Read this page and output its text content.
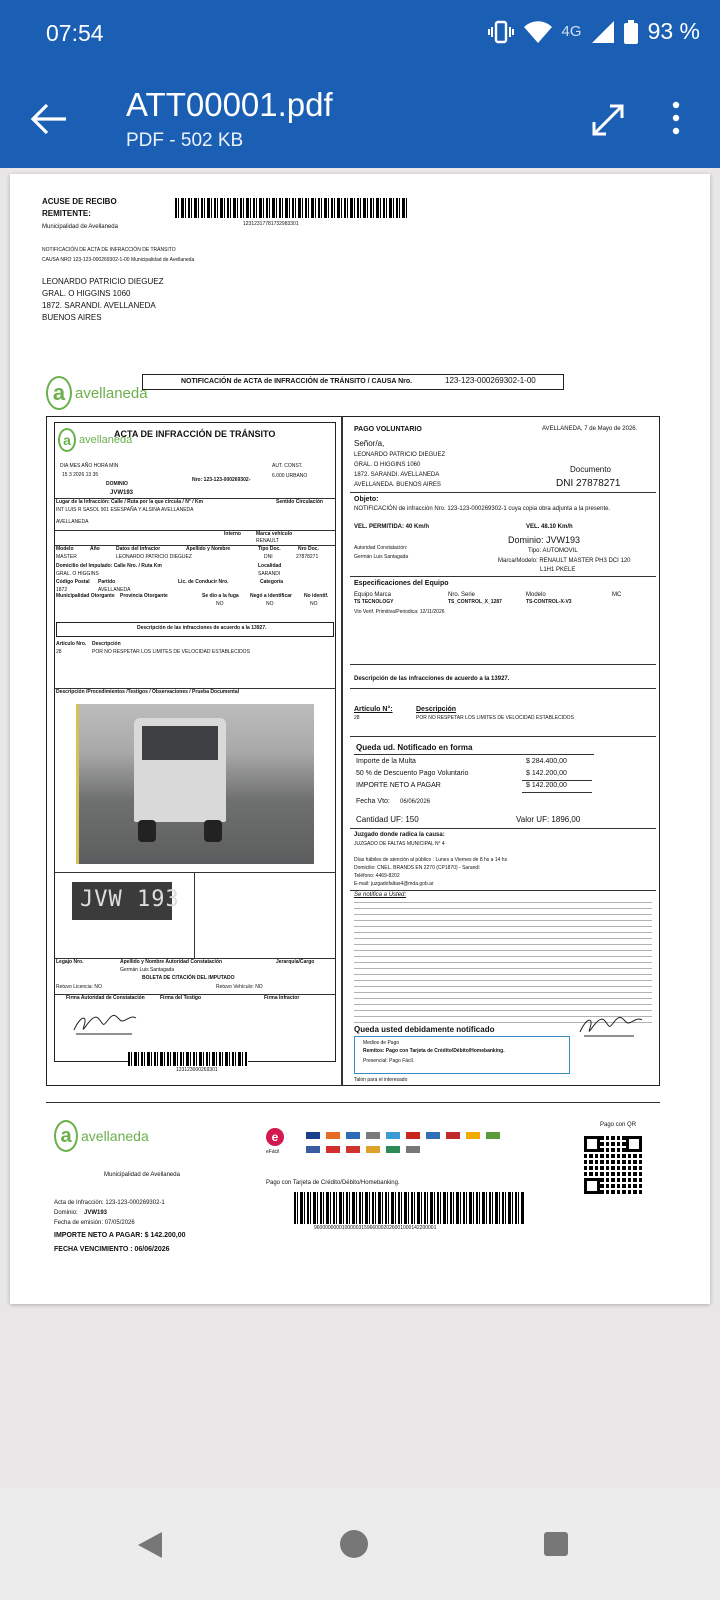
07:54	4G	93 %
ATT00001.pdf
PDF - 502 KB
ACUSE DE RECIBO
REMITENTE:
Municipalidad de Avellaneda	12312317781732983301
NOTIFICACIÓN DE ACTA DE INFRACCIÓN DE TRÁNSITO
CAUSA NRO 123-123-000269302-1-00 Municipalidad de Avellaneda
LEONARDO PATRICIO DIEGUEZ
GRAL. O HIGGINS 1060
1872. SARANDI. AVELLANEDA
BUENOS AIRES
a avellaneda
NOTIFICACIÓN de ACTA de INFRACCIÓN de TRÁNSITO / CAUSA Nro.	123-123-000269302-1-00
a avellaneda
ACTA DE INFRACCIÓN DE TRÁNSITO
DIA MES AÑO HORA MIN
15 3 2026 13 35
DOMINIO
JVW193
Nro: 123-123-000269302-
AUT. CONST.
6.000 URBANO
Lugar de la Infracción: Calle / Ruta por la que circula / N° / Km	Sentido Circulación
INT LUIS R SASOL 901 ESESPAÑA Y ALSINA AVELLANEDA
AVELLANEDA
Interno	Marca vehículo
RENAULT
Modelo	Año	Datos del Infractor	Apellido y Nombre	Tipo Doc.	Nro Doc.
MASTER	LEONARDO PATRICIO DIEGUEZ	DNI	27878271
Domicilio del Impulado: Calle Nro. / Ruta Km	Localidad
GRAL. O HIGGINS	SARANDI
Código Postal Partido	Lic. de Conducir Nro.	Categoría
1872	AVELLANEDA
Municipalidad Otorgante Provincia Otorgante	Se dio a la fuga Negó a identificar No identif.
NO	NO	NO
Descripción de las infracciones de acuerdo a la 13927.
Artículo Nro. Descripción
28	POR NO RESPETAR LOS LIMITES DE VELOCIDAD ESTABLECIDOS
Descripción /Procedimientos /Testigos / Observaciones / Prueba Documental
JVW 193
Legajo Nro.	Apellido y Nombre Autoridad Constatación	Jerarquía/Cargo
Germán Luis Santagada
BOLETA DE CITACIÓN DEL IMPUTADO
Retuvo Licencia: NO	Retuvo Vehículo: NO
Firma Autoridad de Constatación	Firma del Testigo	Firma Infractor
123123000269301
PAGO VOLUNTARIO	AVELLANEDA, 7 de Mayo de 2026.
Señor/a,
LEONARDO PATRICIO DIEGUEZ
GRAL. O HIGGINS 1060
1872. SARANDI. AVELLANEDA
AVELLANEDA. BUENOS AIRES
Documento
DNI 27878271
Objeto:
NOTIFICACIÓN de infracción Nro. 123-123-000269302-1 cuya copia obra adjunta a la presente.
VEL. PERMITIDA: 40 Km/h	VEL. 48.10 Km/h
Dominio: JVW193
Autoridad Constatación:
Germán Luis Santagada
Tipo: AUTOMOVIL
Marca/Modelo: RENAULT MASTER PH3 DCI 120
L1H1 PKELE
Especificaciones del Equipo
Equipo Marca	Nro. Serie	Modelo	MC
TS TECNOLOGY	TS_CONTROL_X_1287	TS-CONTROL-X-V3
Vto Verif. Primitiva/Periodica: 12/11/2026
Descripción de las infracciones de acuerdo a la 13927.
Artículo N°:	Descripción
28	POR NO RESPETAR LOS LIMITES DE VELOCIDAD ESTABLECIDOS
Queda ud. Notificado en forma
Importe de la Multa	$ 284.400,00
50 % de Descuento Pago Voluntario	$ 142.200,00
IMPORTE NETO A PAGAR	$ 142.200,00
Fecha Vto: 06/06/2026
Cantidad UF: 150	Valor UF: 1896,00
Juzgado donde radica la causa:
JUZGADO DE FALTAS MUNICIPAL N° 4
Días hábiles de atención al público : Lunes a Viernes de 8 hs a 14 hs
Domicilio: CNEL. BRANDS EN 2270 (CP1870) - Sarandí
Teléfono: 4469-8202
E-mail: juzgadofaltas4@mda.gob.ar
Se notifica a Usted:
Queda usted debidamente notificado
Medios de Pago
Remitos: Pago con Tarjeta de Crédito/Débito/Homebanking.
Presencial: Pago Fácil.
Talón para el interesado
a avellaneda
Municipalidad de Avellaneda
Acta de Infracción: 123-123-000269302-1
Dominio: JVW193
Fecha de emisión: 07/05/2026
IMPORTE NETO A PAGAR: $ 142.200,00
FECHA VENCIMIENTO : 06/06/2026
e
eFácil
Pago con Tarjeta de Crédito/Débito/Homebanking.
96000000001000003159660002026001000142200001
Pago con QR
